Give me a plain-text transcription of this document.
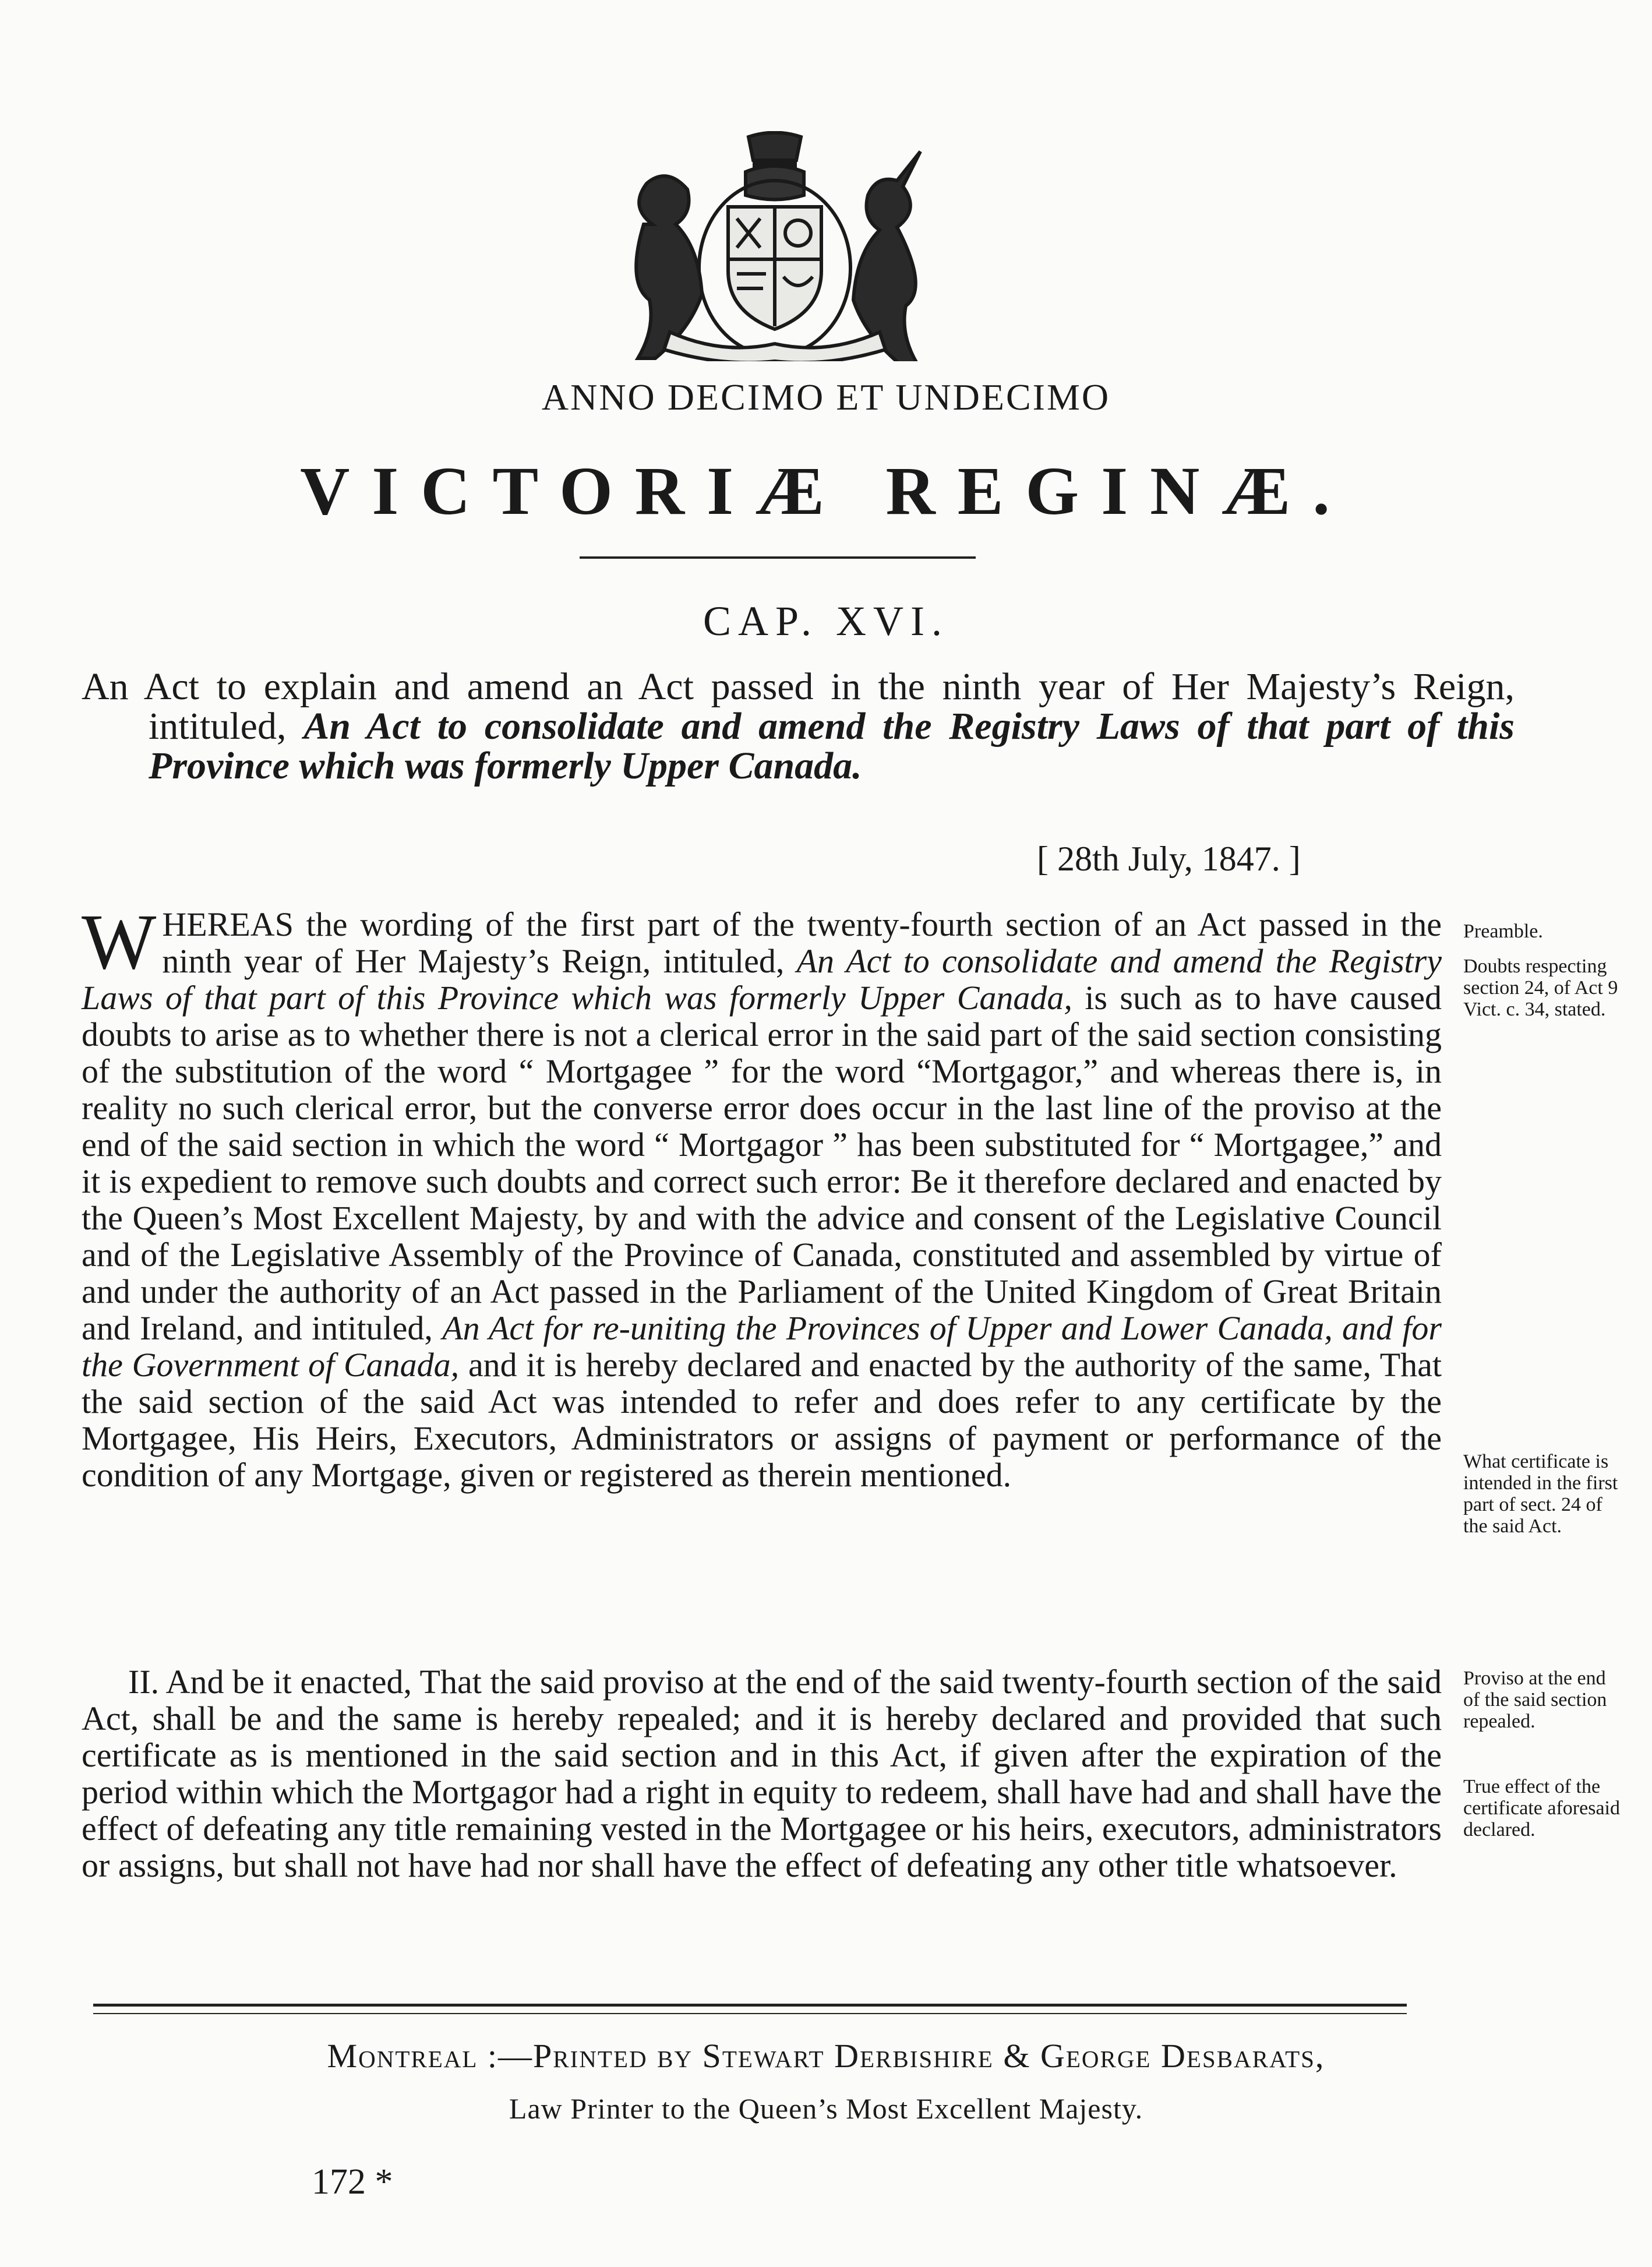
ANNO DECIMO ET UNDECIMO
VICTORIÆ REGINÆ.
CAP. XVI.
An Act to explain and amend an Act passed in the ninth year of Her Majesty’s Reign, intituled, An Act to consolidate and amend the Registry Laws of that part of this Province which was formerly Upper Canada.
[ 28th July, 1847. ]
WHEREAS the wording of the first part of the twenty-fourth section of an Act passed in the ninth year of Her Majesty’s Reign, intituled, An Act to consolidate and amend the Registry Laws of that part of this Province which was formerly Upper Canada, is such as to have caused doubts to arise as to whether there is not a clerical error in the said part of the said section consisting of the substitution of the word “ Mortgagee ” for the word “Mortgagor,” and whereas there is, in reality no such clerical error, but the converse error does occur in the last line of the proviso at the end of the said section in which the word “ Mortgagor ” has been substituted for “ Mortgagee,” and it is expedient to remove such doubts and correct such error: Be it therefore declared and enacted by the Queen’s Most Excellent Majesty, by and with the advice and consent of the Legislative Council and of the Legislative Assembly of the Province of Canada, constituted and assembled by virtue of and under the authority of an Act passed in the Parliament of the United Kingdom of Great Britain and Ireland, and intituled, An Act for re-uniting the Provinces of Upper and Lower Canada, and for the Government of Canada, and it is hereby declared and enacted by the authority of the same, That the said section of the said Act was intended to refer and does refer to any certificate by the Mortgagee, His Heirs, Executors, Administrators or assigns of payment or performance of the condition of any Mortgage, given or registered as therein mentioned.
II. And be it enacted, That the said proviso at the end of the said twenty-fourth section of the said Act, shall be and the same is hereby repealed; and it is hereby declared and provided that such certificate as is mentioned in the said section and in this Act, if given after the expiration of the period within which the Mortgagor had a right in equity to redeem, shall have had and shall have the effect of defeating any title remaining vested in the Mortgagee or his heirs, executors, administrators or assigns, but shall not have had nor shall have the effect of defeating any other title whatsoever.
Preamble.
Doubts respecting section 24, of Act 9 Vict. c. 34, stated.
What certificate is intended in the first part of sect. 24 of the said Act.
Proviso at the end of the said section repealed.
True effect of the certificate aforesaid declared.
Montreal :—Printed by Stewart Derbishire & George Desbarats,
Law Printer to the Queen’s Most Excellent Majesty.
172 *
